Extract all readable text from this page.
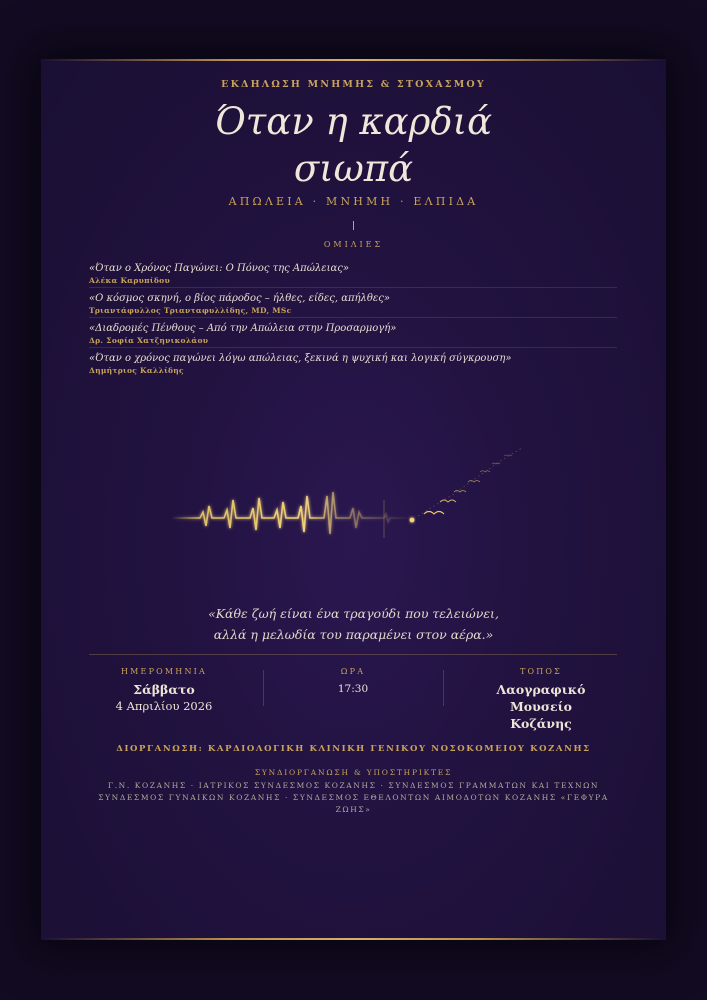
ΕΚΔΗΛΩΣΗ ΜΝΗΜΗΣ & ΣΤΟΧΑΣΜΟΥ
Όταν η καρδιά
σιωπά
ΑΠΩΛΕΙΑ · ΜΝΗΜΗ · ΕΛΠΙΔΑ
ΟΜΙΛΙΕΣ
«Όταν ο Χρόνος Παγώνει: Ο Πόνος της Απώλειας»
Αλέκα Καρυπίδου
«Ο κόσμος σκηνή, ο βίος πάροδος – ήλθες, είδες, απήλθες»
Τριαντάφυλλος Τριανταφυλλίδης, MD, MSc
«Διαδρομές Πένθους – Από την Απώλεια στην Προσαρμογή»
Δρ. Σοφία Χατζηνικολάου
«Όταν ο χρόνος παγώνει λόγω απώλειας, ξεκινά η ψυχική και λογική σύγκρουση»
Δημήτριος Καλλίδης
«Κάθε ζωή είναι ένα τραγούδι που τελειώνει,
αλλά η μελωδία του παραμένει στον αέρα.»
ΗΜΕΡΟΜΗΝΙΑ
Σάββατο
4 Απριλίου 2026
ΩΡΑ
17:30
ΤΟΠΟΣ
Λαογραφικό
Μουσείο
Κοζάνης
ΔΙΟΡΓΑΝΩΣΗ: ΚΑΡΔΙΟΛΟΓΙΚΗ ΚΛΙΝΙΚΗ ΓΕΝΙΚΟΥ ΝΟΣΟΚΟΜΕΙΟΥ ΚΟΖΑΝΗΣ
ΣΥΝΔΙΟΡΓΑΝΩΣΗ & ΥΠΟΣΤΗΡΙΚΤΕΣ
Γ.Ν. ΚΟΖΑΝΗΣ · ΙΑΤΡΙΚΟΣ ΣΥΝΔΕΣΜΟΣ ΚΟΖΑΝΗΣ · ΣΥΝΔΕΣΜΟΣ ΓΡΑΜΜΑΤΩΝ ΚΑΙ ΤΕΧΝΩΝ ΣΥΝΔΕΣΜΟΣ ΓΥΝΑΙΚΩΝ ΚΟΖΑΝΗΣ · ΣΥΝΔΕΣΜΟΣ ΕΘΕΛΟΝΤΩΝ ΑΙΜΟΔΟΤΩΝ ΚΟΖΑΝΗΣ «ΓΕΦΥΡΑ ΖΩΗΣ»
